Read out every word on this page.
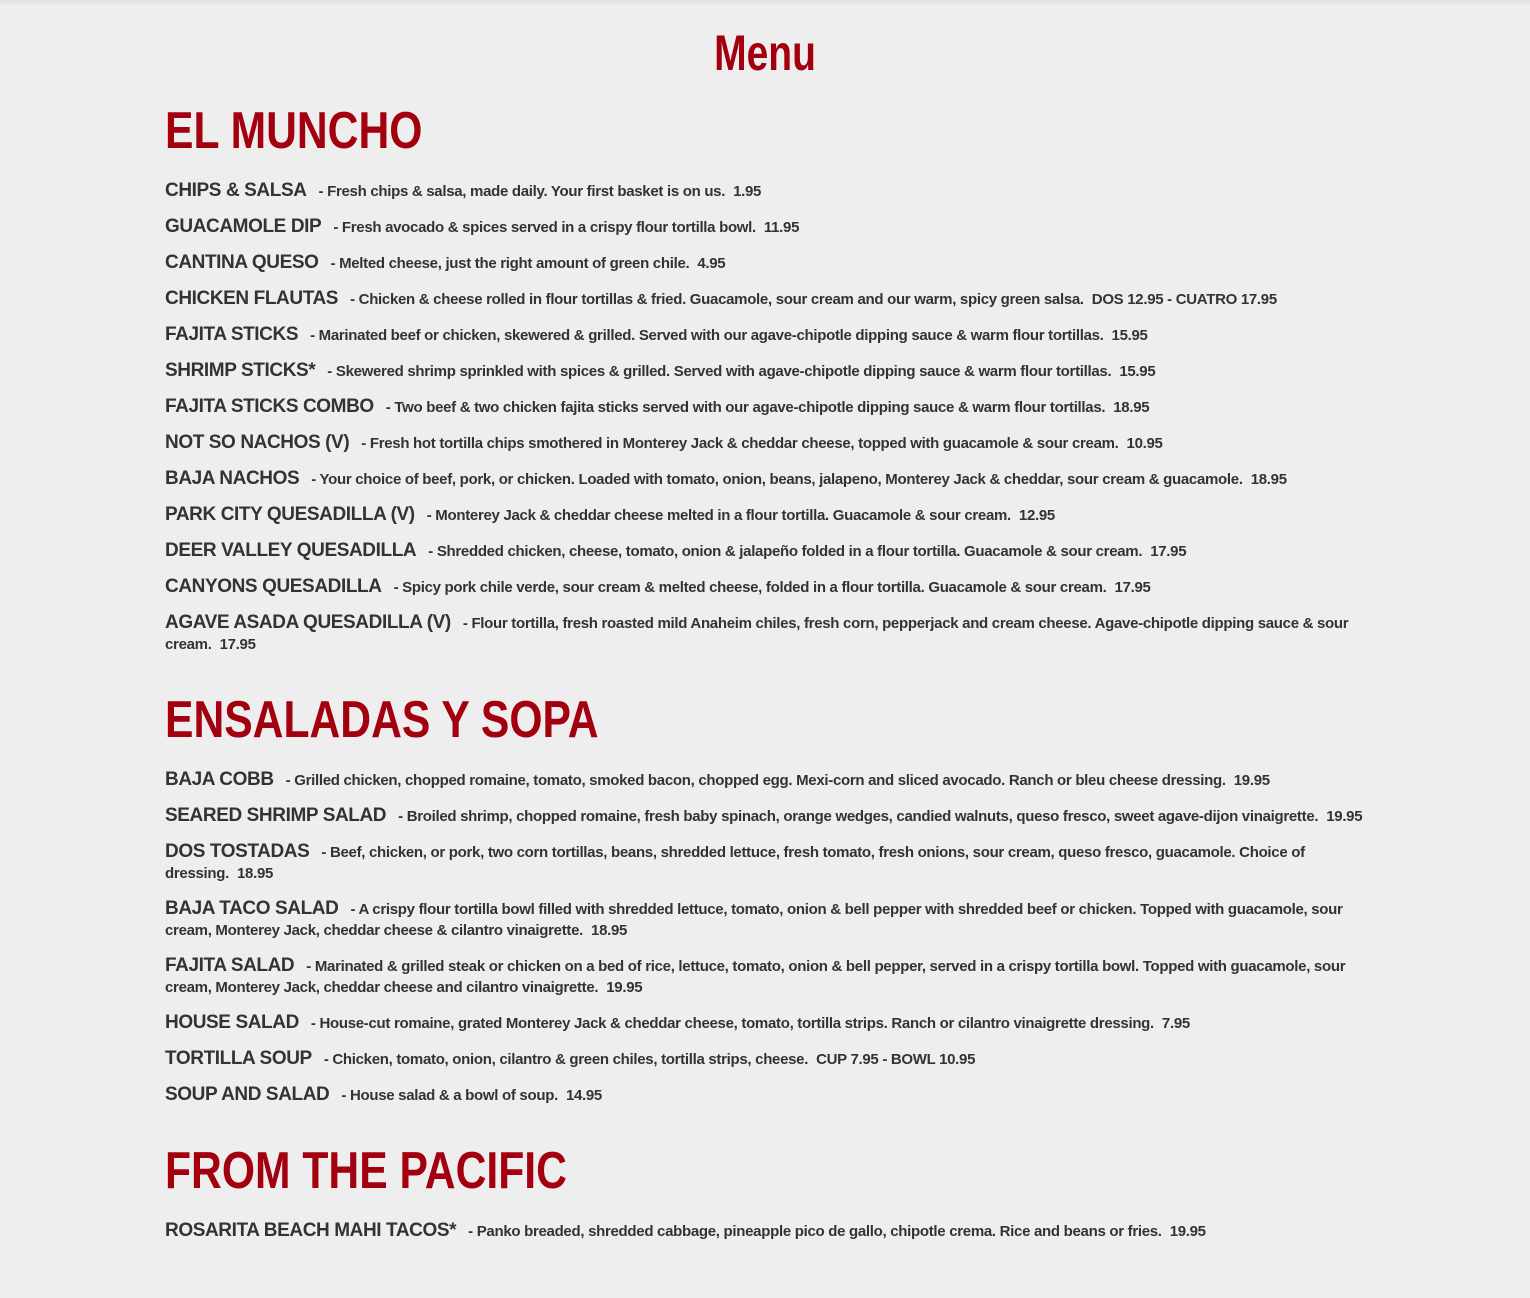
Menu
EL MUNCHO
CHIPS & SALSA - Fresh chips & salsa, made daily. Your first basket is on us. 1.95
GUACAMOLE DIP - Fresh avocado & spices served in a crispy flour tortilla bowl. 11.95
CANTINA QUESO - Melted cheese, just the right amount of green chile. 4.95
CHICKEN FLAUTAS - Chicken & cheese rolled in flour tortillas & fried. Guacamole, sour cream and our warm, spicy green salsa. DOS 12.95 - CUATRO 17.95
FAJITA STICKS - Marinated beef or chicken, skewered & grilled. Served with our agave-chipotle dipping sauce & warm flour tortillas. 15.95
SHRIMP STICKS* - Skewered shrimp sprinkled with spices & grilled. Served with agave-chipotle dipping sauce & warm flour tortillas. 15.95
FAJITA STICKS COMBO - Two beef & two chicken fajita sticks served with our agave-chipotle dipping sauce & warm flour tortillas. 18.95
NOT SO NACHOS (V) - Fresh hot tortilla chips smothered in Monterey Jack & cheddar cheese, topped with guacamole & sour cream. 10.95
BAJA NACHOS - Your choice of beef, pork, or chicken. Loaded with tomato, onion, beans, jalapeno, Monterey Jack & cheddar, sour cream & guacamole. 18.95
PARK CITY QUESADILLA (V) - Monterey Jack & cheddar cheese melted in a flour tortilla. Guacamole & sour cream. 12.95
DEER VALLEY QUESADILLA - Shredded chicken, cheese, tomato, onion & jalapeño folded in a flour tortilla. Guacamole & sour cream. 17.95
CANYONS QUESADILLA - Spicy pork chile verde, sour cream & melted cheese, folded in a flour tortilla. Guacamole & sour cream. 17.95
AGAVE ASADA QUESADILLA (V) - Flour tortilla, fresh roasted mild Anaheim chiles, fresh corn, pepperjack and cream cheese. Agave-chipotle dipping sauce & sour cream. 17.95
ENSALADAS Y SOPA
BAJA COBB - Grilled chicken, chopped romaine, tomato, smoked bacon, chopped egg. Mexi-corn and sliced avocado. Ranch or bleu cheese dressing. 19.95
SEARED SHRIMP SALAD - Broiled shrimp, chopped romaine, fresh baby spinach, orange wedges, candied walnuts, queso fresco, sweet agave-dijon vinaigrette. 19.95
DOS TOSTADAS - Beef, chicken, or pork, two corn tortillas, beans, shredded lettuce, fresh tomato, fresh onions, sour cream, queso fresco, guacamole. Choice of dressing. 18.95
BAJA TACO SALAD - A crispy flour tortilla bowl filled with shredded lettuce, tomato, onion & bell pepper with shredded beef or chicken. Topped with guacamole, sour cream, Monterey Jack, cheddar cheese & cilantro vinaigrette. 18.95
FAJITA SALAD - Marinated & grilled steak or chicken on a bed of rice, lettuce, tomato, onion & bell pepper, served in a crispy tortilla bowl. Topped with guacamole, sour cream, Monterey Jack, cheddar cheese and cilantro vinaigrette. 19.95
HOUSE SALAD - House-cut romaine, grated Monterey Jack & cheddar cheese, tomato, tortilla strips. Ranch or cilantro vinaigrette dressing. 7.95
TORTILLA SOUP - Chicken, tomato, onion, cilantro & green chiles, tortilla strips, cheese. CUP 7.95 - BOWL 10.95
SOUP AND SALAD - House salad & a bowl of soup. 14.95
FROM THE PACIFIC
ROSARITA BEACH MAHI TACOS* - Panko breaded, shredded cabbage, pineapple pico de gallo, chipotle crema. Rice and beans or fries. 19.95
